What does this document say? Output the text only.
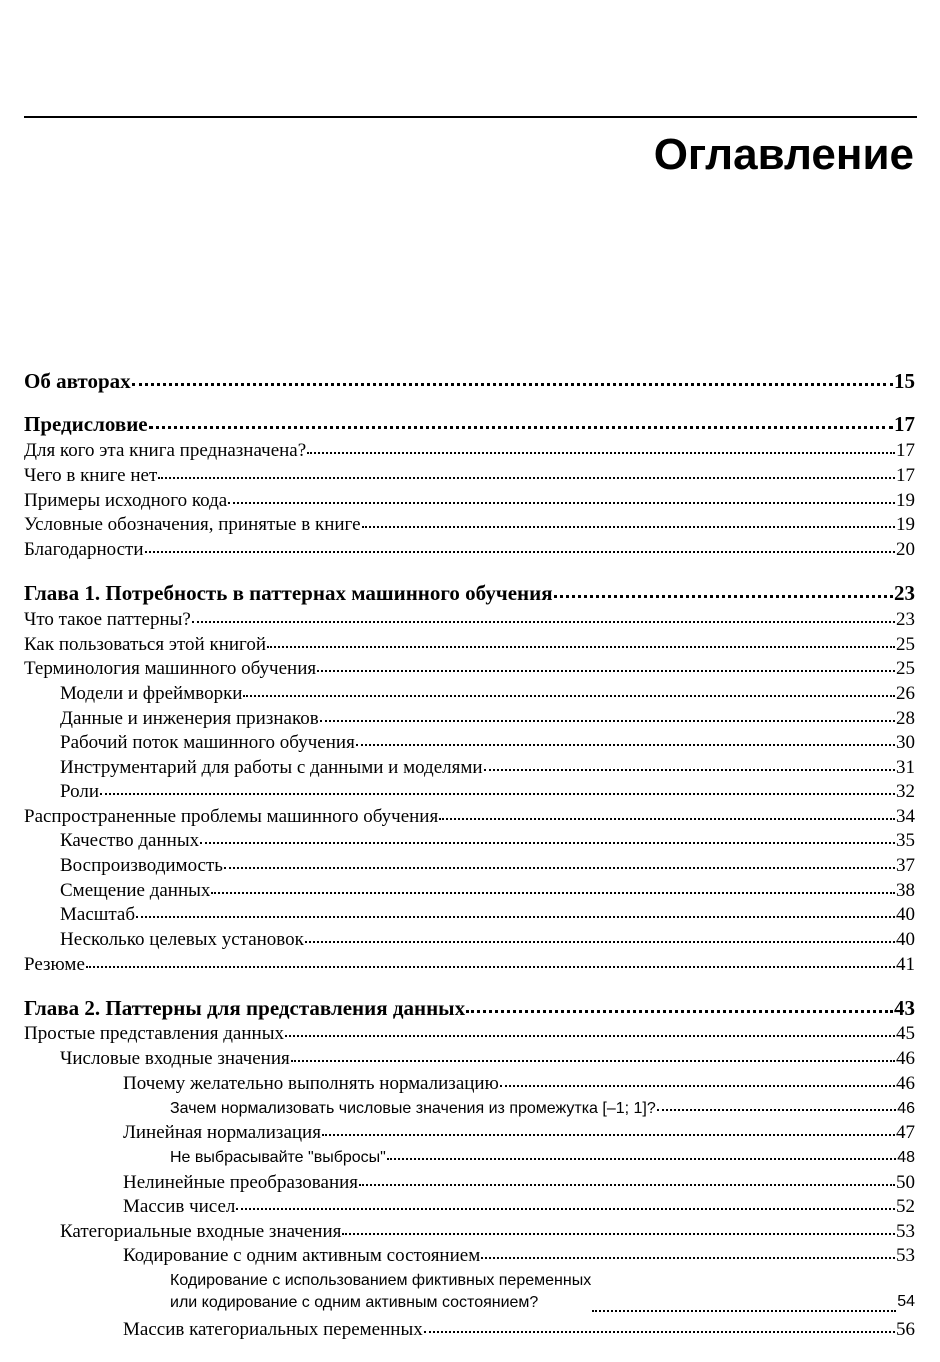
Оглавление
Об авторах	15
Предисловие	17
Для кого эта книга предназначена?	17
Чего в книге нет	17
Примеры исходного кода	19
Условные обозначения, принятые в книге	19
Благодарности	20
Глава 1. Потребность в паттернах машинного обучения	23
Что такое паттерны?	23
Как пользоваться этой книгой	25
Терминология машинного обучения	25
Модели и фреймворки	26
Данные и инженерия признаков	28
Рабочий поток машинного обучения	30
Инструментарий для работы с данными и моделями	31
Роли	32
Распространенные проблемы машинного обучения	34
Качество данных	35
Воспроизводимость	37
Смещение данных	38
Масштаб	40
Несколько целевых установок	40
Резюме	41
Глава 2. Паттерны для представления данных	43
Простые представления данных	45
Числовые входные значения	46
Почему желательно выполнять нормализацию	46
Зачем нормализовать числовые значения из промежутка [–1; 1]?	46
Линейная нормализация	47
Не выбрасывайте "выбросы"	48
Нелинейные преобразования	50
Массив чисел	52
Категориальные входные значения	53
Кодирование с одним активным состоянием	53
Кодирование с использованием фиктивных переменных
или кодирование с одним активным состоянием?	54
Массив категориальных переменных	56
